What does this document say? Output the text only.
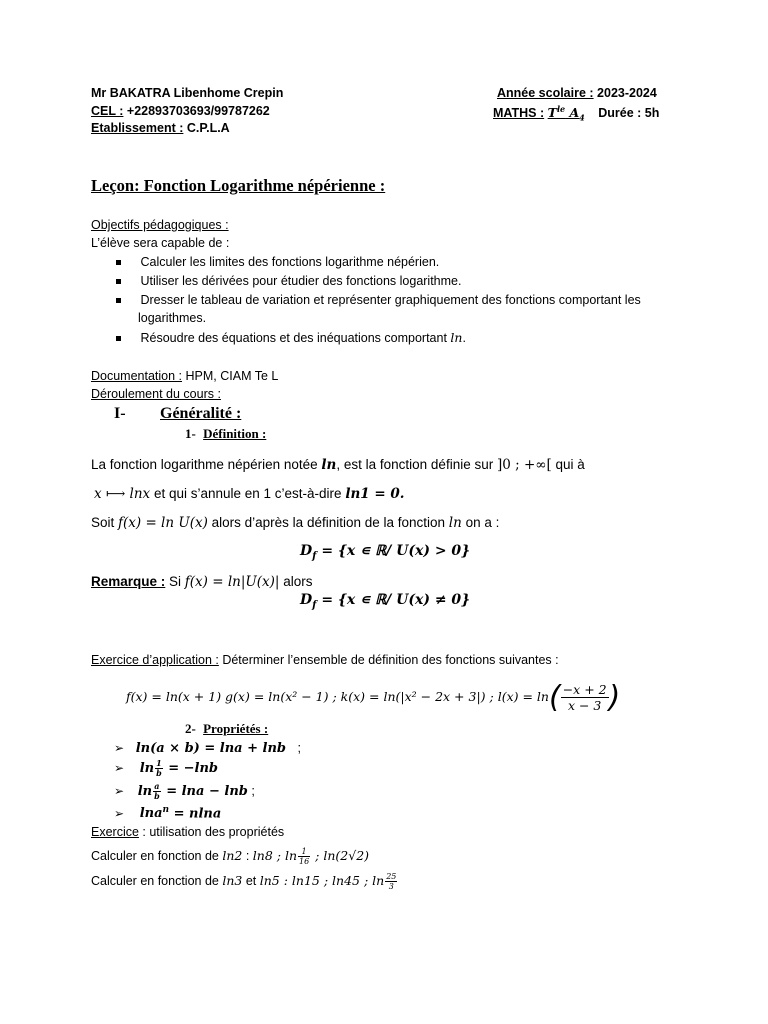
Mr BAKATRA Libenhome Crepin
CEL : +22893703693/99787262
Etablissement : C.P.L.A
Année scolaire : 2023-2024
MATHS : $T^{le}$ $A_4$ Durée : 5h
Leçon: Fonction Logarithme népérienne :
Objectifs pédagogiques :
L’élève sera capable de :
Calculer les limites des fonctions logarithme népérien.
Utiliser les dérivées pour étudier des fonctions logarithme.
Dresser le tableau de variation et représenter graphiquement des fonctions comportant les
logarithmes.
Résoudre des équations et des inéquations comportant ln.
Documentation : HPM, CIAM Te L
Déroulement du cours :
I- Généralité :
1- Définition :
La fonction logarithme népérien notée ln, est la fonction définie sur ]0 ; +∞[ qui à
x ⟼ lnx et qui s’annule en 1 c’est-à-dire ln1 = 0.
Soit f(x) = ln U(x) alors d’après la définition de la fonction ln on a :
$D_f = \{x$ ∊ ℝ/ U(x) > 0}
Remarque : Si f(x) = ln|U(x)| alors
$D_f = \{x$ ∊ ℝ/ U(x) ≠ 0}
Exercice d’application : Déterminer l’ensemble de définition des fonctions suivantes :
f(x) = ln(x + 1) g(x) = ln(x² − 1) ; k(x) = ln(|x² − 2x + 3|) ; $l(x) = \ln( \frac{-x + 2}{x - 3}$ )
2- Propriétés :
➢ ln(a × b) = lna + lnb ;
➢ $\ln \frac{1}{b} = -\ln b$
➢ $\ln \frac{a}{b} = \ln a - \ln b$ ;
➢ lna$^n$ = nlna
Exercice : utilisation des propriétés
Calculer en fonction de ln2 : ln8 ; $\ln \frac{1}{16}$ ; ln(2√2)
Calculer en fonction de ln3 et ln5 : ln15 ; ln45 ; $\ln \frac{25}{3}$
